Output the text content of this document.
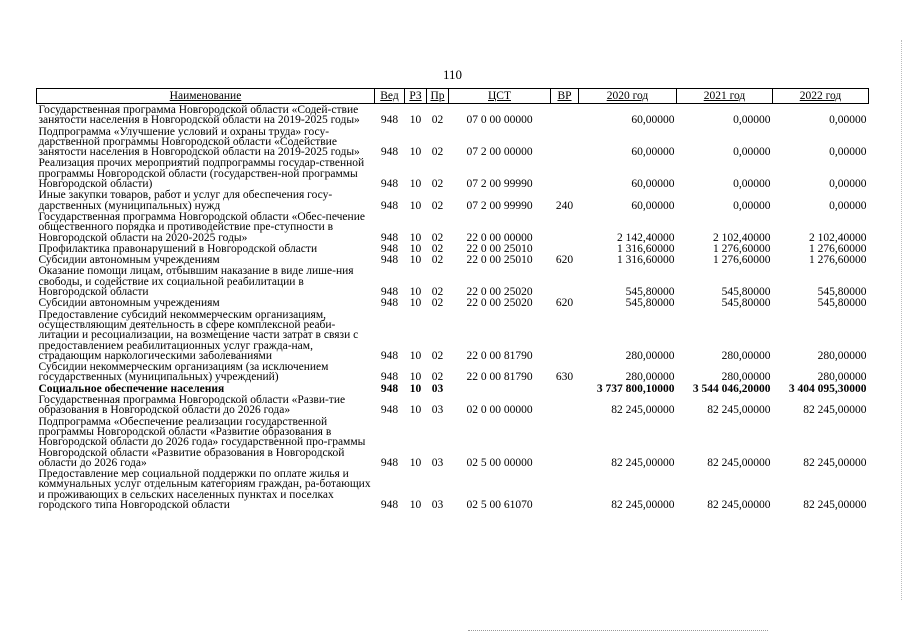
110
Наименование	Вед	РЗ	Пр	ЦСТ	ВР	2020 год	2021 год	2022 год
Государственная программа Новгородской области «Содей-ствие занятости населения в Новгородской области на 2019-2025 годы»	948	10	02	07 0 00 00000		60,00000	0,00000	0,00000
Подпрограмма «Улучшение условий и охраны труда» госу-дарственной программы Новгородской области «Содействие занятости населения в Новгородской области на 2019-2025 годы»	948	10	02	07 2 00 00000		60,00000	0,00000	0,00000
Реализация прочих мероприятий подпрограммы государ-ственной программы Новгородской области (государствен-ной программы Новгородской области)	948	10	02	07 2 00 99990		60,00000	0,00000	0,00000
Иные закупки товаров, работ и услуг для обеспечения госу-дарственных (муниципальных) нужд	948	10	02	07 2 00 99990	240	60,00000	0,00000	0,00000
Государственная программа Новгородской области «Обес-печение общественного порядка и противодействие пре-ступности в Новгородской области на 2020-2025 годы»	948	10	02	22 0 00 00000		2 142,40000	2 102,40000	2 102,40000
Профилактика правонарушений в Новгородской области	948	10	02	22 0 00 25010		1 316,60000	1 276,60000	1 276,60000
Субсидии автономным учреждениям	948	10	02	22 0 00 25010	620	1 316,60000	1 276,60000	1 276,60000
Оказание помощи лицам, отбывшим наказание в виде лише-ния свободы, и содействие их социальной реабилитации в Новгородской области	948	10	02	22 0 00 25020		545,80000	545,80000	545,80000
Субсидии автономным учреждениям	948	10	02	22 0 00 25020	620	545,80000	545,80000	545,80000
Предоставление субсидий некоммерческим организациям, осуществляющим деятельность в сфере комплексной реаби-литации и ресоциализации, на возмещение части затрат в связи с предоставлением реабилитационных услуг гражда-нам, страдающим наркологическими заболеваниями	948	10	02	22 0 00 81790		280,00000	280,00000	280,00000
Субсидии некоммерческим организациям (за исключением государственных (муниципальных) учреждений)	948	10	02	22 0 00 81790	630	280,00000	280,00000	280,00000
Социальное обеспечение населения	948	10	03			3 737 800,10000	3 544 046,20000	3 404 095,30000
Государственная программа Новгородской области «Разви-тие образования в Новгородской области до 2026 года»	948	10	03	02 0 00 00000		82 245,00000	82 245,00000	82 245,00000
Подпрограмма «Обеспечение реализации государственной программы Новгородской области «Развитие образования в Новгородской области до 2026 года» государственной про-граммы Новгородской области «Развитие образования в Новгородской области до 2026 года»	948	10	03	02 5 00 00000		82 245,00000	82 245,00000	82 245,00000
Предоставление мер социальной поддержки по оплате жилья и коммунальных услуг отдельным категориям граждан, ра-ботающих и проживающих в сельских населенных пунктах и поселках городского типа Новгородской области	948	10	03	02 5 00 61070		82 245,00000	82 245,00000	82 245,00000
